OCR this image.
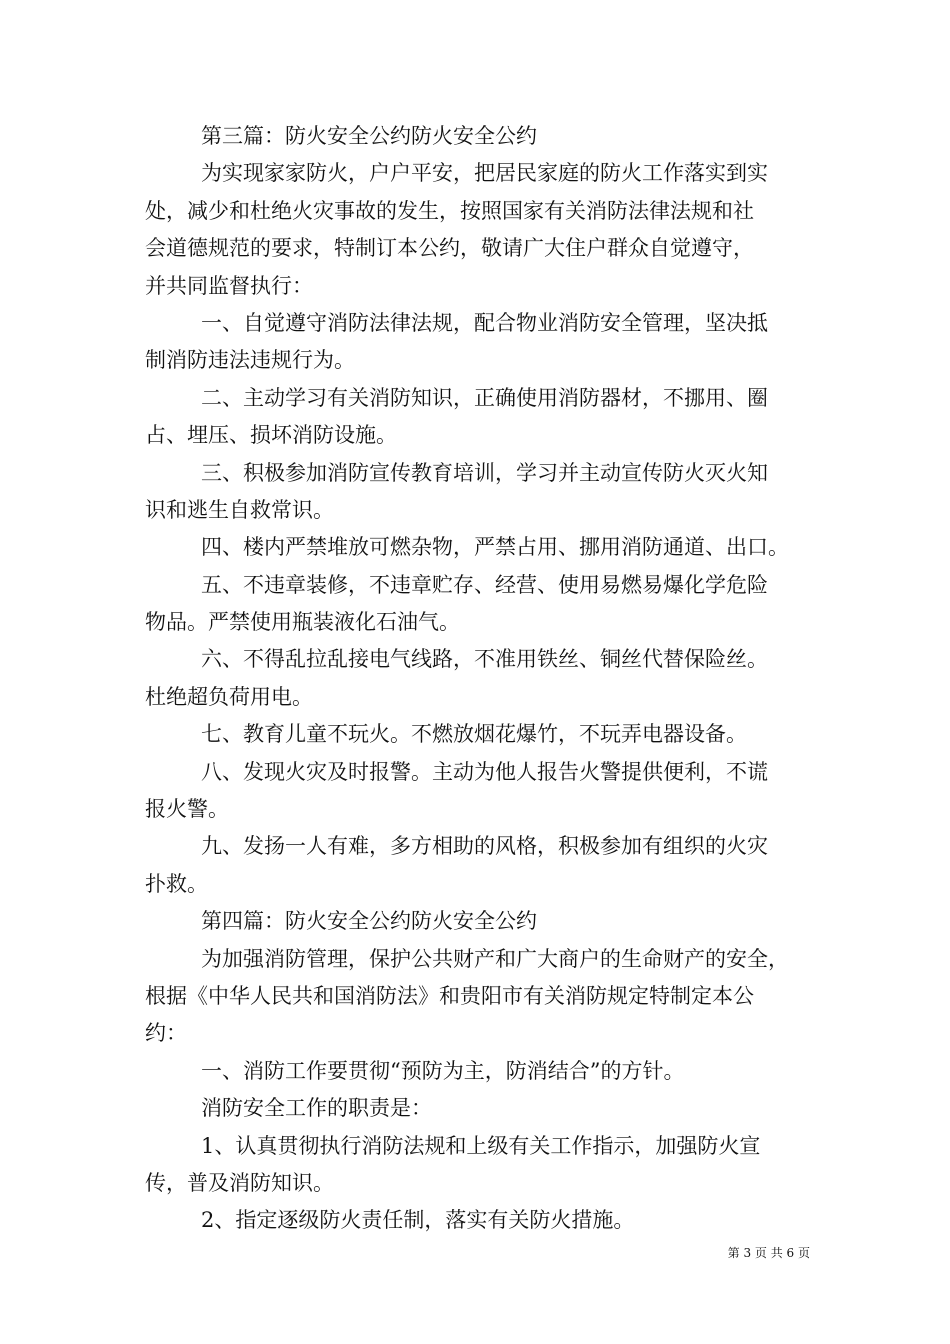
第三篇：防火安全公约防火安全公约
为实现家家防火，户户平安，把居民家庭的防火工作落实到实
处，减少和杜绝火灾事故的发生，按照国家有关消防法律法规和社
会道德规范的要求，特制订本公约，敬请广大住户群众自觉遵守，
并共同监督执行：
一、自觉遵守消防法律法规，配合物业消防安全管理，坚决抵
制消防违法违规行为。
二、主动学习有关消防知识，正确使用消防器材，不挪用、圈
占、埋压、损坏消防设施。
三、积极参加消防宣传教育培训，学习并主动宣传防火灭火知
识和逃生自救常识。
四、楼内严禁堆放可燃杂物，严禁占用、挪用消防通道、出口。
五、不违章装修，不违章贮存、经营、使用易燃易爆化学危险
物品。严禁使用瓶装液化石油气。
六、不得乱拉乱接电气线路，不准用铁丝、铜丝代替保险丝。
杜绝超负荷用电。
七、教育儿童不玩火。不燃放烟花爆竹，不玩弄电器设备。
八、发现火灾及时报警。主动为他人报告火警提供便利，不谎
报火警。
九、发扬一人有难，多方相助的风格，积极参加有组织的火灾
扑救。
第四篇：防火安全公约防火安全公约
为加强消防管理，保护公共财产和广大商户的生命财产的安全，
根据《中华人民共和国消防法》和贵阳市有关消防规定特制定本公
约：
一、消防工作要贯彻“预防为主，防消结合”的方针。
消防安全工作的职责是：
1、认真贯彻执行消防法规和上级有关工作指示，加强防火宣
传，普及消防知识。
2、指定逐级防火责任制，落实有关防火措施。
第 3 页 共 6 页
